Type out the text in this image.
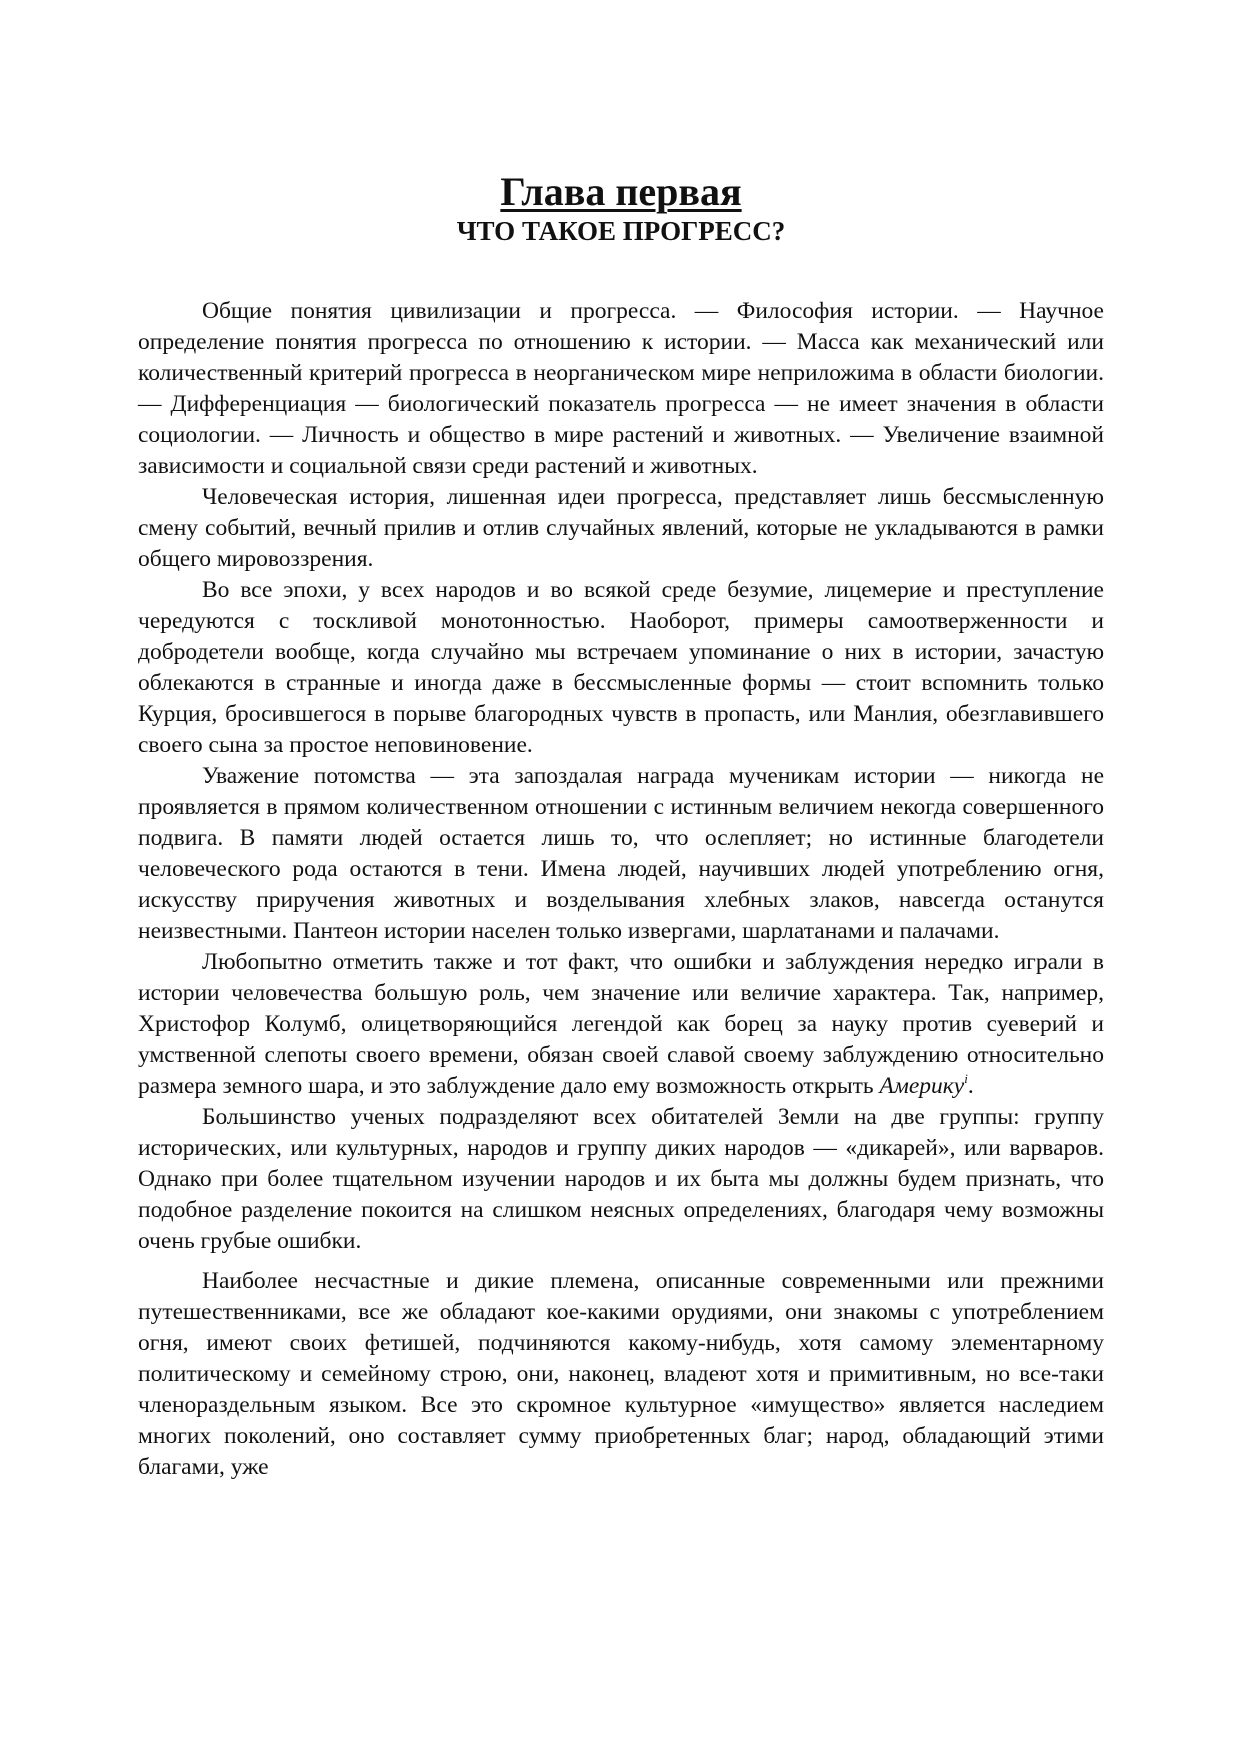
Глава первая
ЧТО ТАКОЕ ПРОГРЕСС?

Общие понятия цивилизации и прогресса. — Философия истории. — Научное определение понятия прогресса по отношению к истории. — Масса как механический или количественный критерий прогресса в неорганическом мире неприложима в области биологии. — Дифференциация — биологический показатель прогресса — не имеет значения в области социологии. — Личность и общество в мире растений и животных. — Увеличение взаимной зависимости и социальной связи среди растений и животных.

Человеческая история, лишенная идеи прогресса, представляет лишь бессмысленную смену событий, вечный прилив и отлив случайных явлений, которые не укладываются в рамки общего мировоззрения.

Во все эпохи, у всех народов и во всякой среде безумие, лицемерие и преступление чередуются с тоскливой монотонностью. Наоборот, примеры самоотверженности и добродетели вообще, когда случайно мы встречаем упоминание о них в истории, зачастую облекаются в странные и иногда даже в бессмысленные формы — стоит вспомнить только Курция, бросившегося в порыве благородных чувств в пропасть, или Манлия, обезглавившего своего сына за простое неповиновение.

Уважение потомства — эта запоздалая награда мученикам истории — никогда не проявляется в прямом количественном отношении с истинным величием некогда совершенного подвига. В памяти людей остается лишь то, что ослепляет; но истинные благодетели человеческого рода остаются в тени. Имена людей, научивших людей употреблению огня, искусству приручения животных и возделывания хлебных злаков, навсегда останутся неизвестными. Пантеон истории населен только извергами, шарлатанами и палачами.

Любопытно отметить также и тот факт, что ошибки и заблуждения нередко играли в истории человечества большую роль, чем значение или величие характера. Так, например, Христофор Колумб, олицетворяющийся легендой как борец за науку против суеверий и умственной слепоты своего времени, обязан своей славой своему заблуждению относительно размера земного шара, и это заблуждение дало ему возможность открыть Америку$^i$.

Большинство ученых подразделяют всех обитателей Земли на две группы: группу исторических, или культурных, народов и группу диких народов — «дикарей», или варваров. Однако при более тщательном изучении народов и их быта мы должны будем признать, что подобное разделение покоится на слишком неясных определениях, благодаря чему возможны очень грубые ошибки.

Наиболее несчастные и дикие племена, описанные современными или прежними путешественниками, все же обладают кое-какими орудиями, они знакомы с употреблением огня, имеют своих фетишей, подчиняются какому-нибудь, хотя самому элементарному политическому и семейному строю, они, наконец, владеют хотя и примитивным, но все-таки членораздельным языком. Все это скромное культурное «имущество» является наследием многих поколений, оно составляет сумму приобретенных благ; народ, обладающий этими благами, уже
